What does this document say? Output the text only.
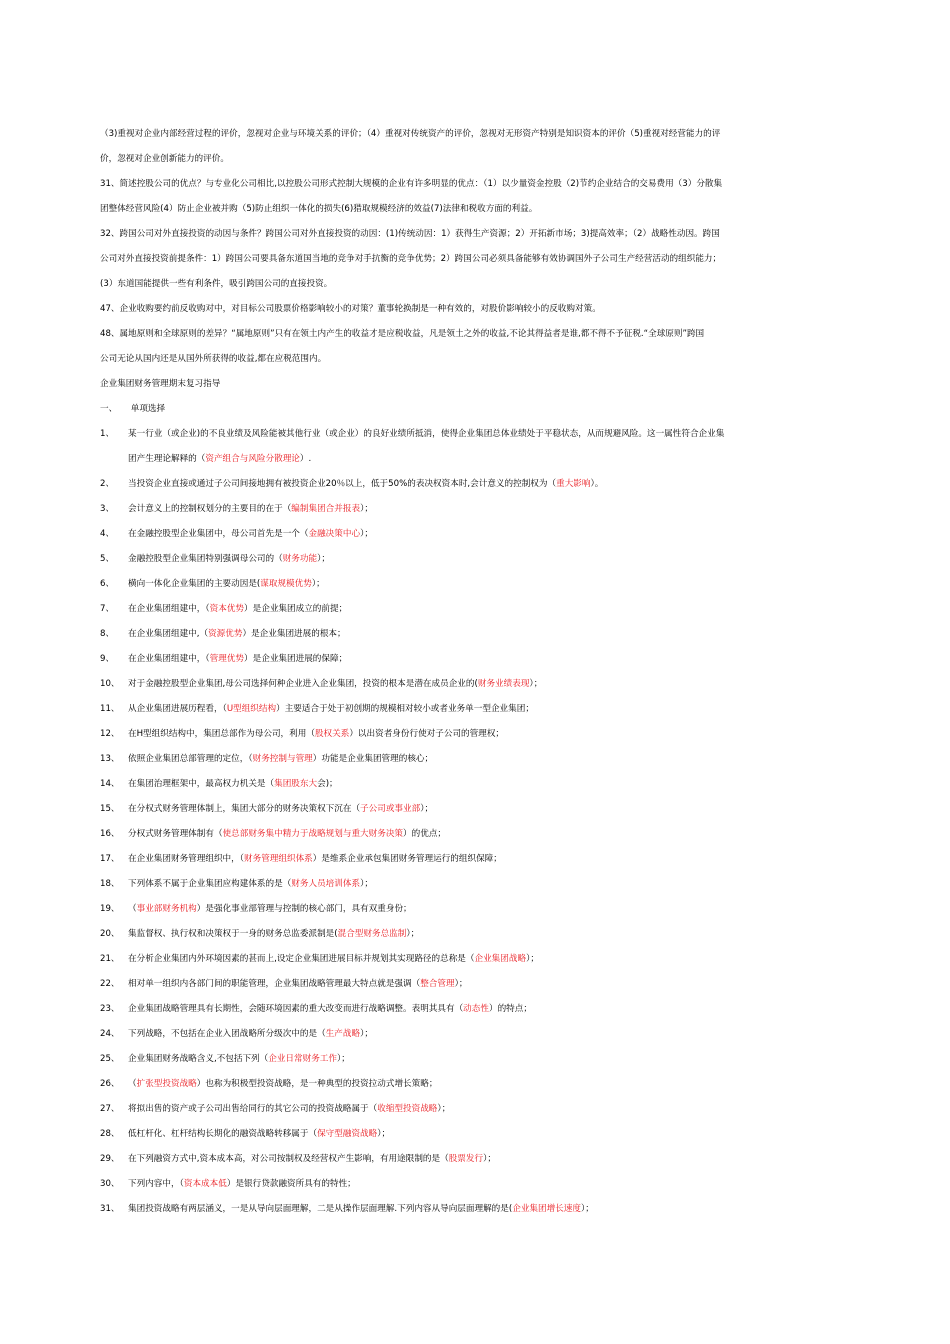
（3)重视对企业内部经营过程的评价，忽视对企业与环境关系的评价；（4）重视对传统资产的评价，忽视对无形资产特别是知识资本的评价（5)重视对经营能力的评
价，忽视对企业创新能力的评价。
31、简述控股公司的优点？与专业化公司相比,以控股公司形式控制大规模的企业有许多明显的优点：（1）以少量资金控股（2)节约企业结合的交易费用（3）分散集
团整体经营风险(4）防止企业被并购（5)防止组织一体化的损失(6)猎取规模经济的效益(7)法律和税收方面的利益。
32、跨国公司对外直接投资的动因与条件？跨国公司对外直接投资的动因：(1)传统动因：1）获得生产资源；2）开拓新市场；3)提高效率；（2）战略性动因。跨国
公司对外直接投资前提条件：1）跨国公司要具备东道国当地的竞争对手抗衡的竞争优势；2）跨国公司必须具备能够有效协调国外子公司生产经营活动的组织能力；
(3）东道国能提供一些有利条件，吸引跨国公司的直接投资。
47、企业收购要约前反收购对中，对目标公司股票价格影响较小的对策？董事轮换制是一种有效的，对股价影响较小的反收购对策。
48、属地原则和全球原则的差异？“属地原则”只有在领土内产生的收益才是应税收益，凡是领土之外的收益,不论其得益者是谁,都不得不予征税.“全球原则”跨国
公司无论从国内还是从国外所获得的收益,都在应税范围内。
企业集团财务管理期末复习指导
一、 单项选择
1、 某一行业（或企业)的不良业绩及风险能被其他行业（或企业）的良好业绩所抵消，使得企业集团总体业绩处于平稳状态，从而规避风险。这一属性符合企业集
团产生理论解释的（资产组合与风险分散理论）.
2、 当投资企业直接或通过子公司间接地拥有被投资企业20％以上，低于50%的表决权资本时,会计意义的控制权为（重大影响）。
3、 会计意义上的控制权划分的主要目的在于（编制集团合并报表）；
4、 在金融控股型企业集团中，母公司首先是一个（金融决策中心）；
5、 金融控股型企业集团特别强调母公司的（财务功能）；
6、 横向一体化企业集团的主要动因是(谋取规模优势）；
7、 在企业集团组建中，（资本优势）是企业集团成立的前提；
8、 在企业集团组建中,（资源优势）是企业集团进展的根本；
9、 在企业集团组建中，（管理优势）是企业集团进展的保障；
10、 对于金融控股型企业集团,母公司选择何种企业进入企业集团，投资的根本是潜在成员企业的(财务业绩表现）；
11、 从企业集团进展历程看，（U型组织结构）主要适合于处于初创期的规模相对较小或者业务单一型企业集团；
12、 在H型组织结构中，集团总部作为母公司，利用（股权关系）以出资者身份行使对子公司的管理权；
13、 依照企业集团总部管理的定位，（财务控制与管理）功能是企业集团管理的核心；
14、 在集团治理框架中，最高权力机关是（集团股东大会)；
15、 在分权式财务管理体制上，集团大部分的财务决策权下沉在（子公司或事业部）；
16、 分权式财务管理体制有（使总部财务集中精力于战略规划与重大财务决策）的优点；
17、 在企业集团财务管理组织中，（财务管理组织体系）是维系企业承包集团财务管理运行的组织保障；
18、 下列体系不属于企业集团应构建体系的是（财务人员培训体系）；
19、 （事业部财务机构）是强化事业部管理与控制的核心部门，具有双重身份；
20、 集监督权、执行权和决策权于一身的财务总监委派制是(混合型财务总监制）；
21、 在分析企业集团内外环境因素的甚而上,设定企业集团进展目标并规划其实现路径的总称是（企业集团战略）；
22、 相对单一组织内各部门间的职能管理，企业集团战略管理最大特点就是强调（整合管理）；
23、 企业集团战略管理具有长期性，会随环境因素的重大改变而进行战略调整。表明其具有（动态性）的特点；
24、 下列战略，不包括在企业入团战略所分级次中的是（生产战略）；
25、 企业集团财务战略含义,不包括下列（企业日常财务工作）；
26、 （扩张型投资战略）也称为积极型投资战略，是一种典型的投资拉动式增长策略；
27、 将拟出售的资产或子公司出售给同行的其它公司的投资战略属于（收缩型投资战略）；
28、 低杠杆化、杠杆结构长期化的融资战略转移属于（保守型融资战略）；
29、 在下列融资方式中,资本成本高，对公司按制权及经营权产生影响，有用途限制的是（股票发行）；
30、 下列内容中，（资本成本低）是银行贷款融资所具有的特性；
31、 集团投资战略有两层涵义，一是从导向层面理解，二是从操作层面理解.下列内容从导向层面理解的是(企业集团增长速度）；
